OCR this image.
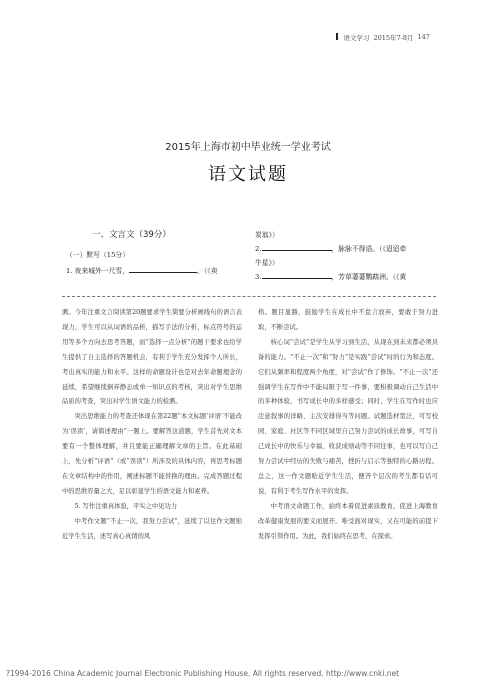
语文学习 2015年7-8月 147
2015年上海市初中毕业统一学业考试
语文试题
一、文言文（39分）
（一）默写（15分）
1. 夜来城外一尺雪，	。（《卖
炭翁》）
2.	，脉脉不得语。（《迢迢牵
牛星》）
3.	，芳草萋萋鹦鹉洲。（《黄

测。今年注重文言阅读第20题要求学生简要分析画线句的语言表现力，学生可以从词语的品析，描写手法的分析，标点符号的运用等多个方向去思考答题，而“选择一点分析”的题干要求也给学生提供了自主选择的答题机会，有利于学生充分发挥个人所长，考出真实的能力和水平。这样的命题设计也是对去年命题理念的延续，希望继续倒弃静态或单一知识点的考核，突出对学生思维品质的考查，突出对学生语文能力的检测。

突出思维能力的考查还体现在第22题“本文标题‘评语’不能改为‘误读’，请简述理由”一题上。要解答这道题，学生首先对文本要有一个整体理解，并且要能正确理解文章的主旨。在此基础上，先分析“评语”（或“误读”）所涉及的具体内容，再思考标题在文章结构中的作用，阐述标题不能替换的理由。完成答题过程中的思维容量之大，足以彰显学生的语文能力和素养。

5. 写作注重真体验，平实之中见功力

中考作文题“不止一次，我努力尝试”，延续了以往作文题贴近学生生活，述写真心真情的风

格。题目显豁，鼓励学生在成长中不怠言放弃，要敢于努力进取，不断尝试。

核心词“尝试”是学生从学习到生活，从现在到未来都必须具备的能力。“不止一次”和“努力”是实践“尝试”时的行为和态度。它们从频率和程度两个角度，对“尝试”作了修饰。“不止一次”还强调学生在写作中不能局限于写一件事，要积极调动自己生活中的多种体验，书写成长中的多样感受；同时，学生在写作时也应注意叙事的详略、主次安排得当等问题。试题选材宽泛，可写校园、家庭、社区等不同区域里自己努力尝试的成长故事，可写自己成长中的快乐与幸福、收获成绩动等不同往事，也可以写自己努力尝试中经历的失败与痛苦，挫折与启示等独特的心路历程。总之，这一作文题贴近学生生活，便齐个层次的考生都有话可说，有利于考生写作水平的发挥。

中考语文命题工作，始终本着促进素质教育，促进上海教育改革健康发展的要义而展开。唯受面对现实，又在可能的前提下发挥引领作用。为此，我们始终在思考，在探索。

?1994-2016 China Academic Journal Electronic Publishing House. All rights reserved. http://www.cnki.net
